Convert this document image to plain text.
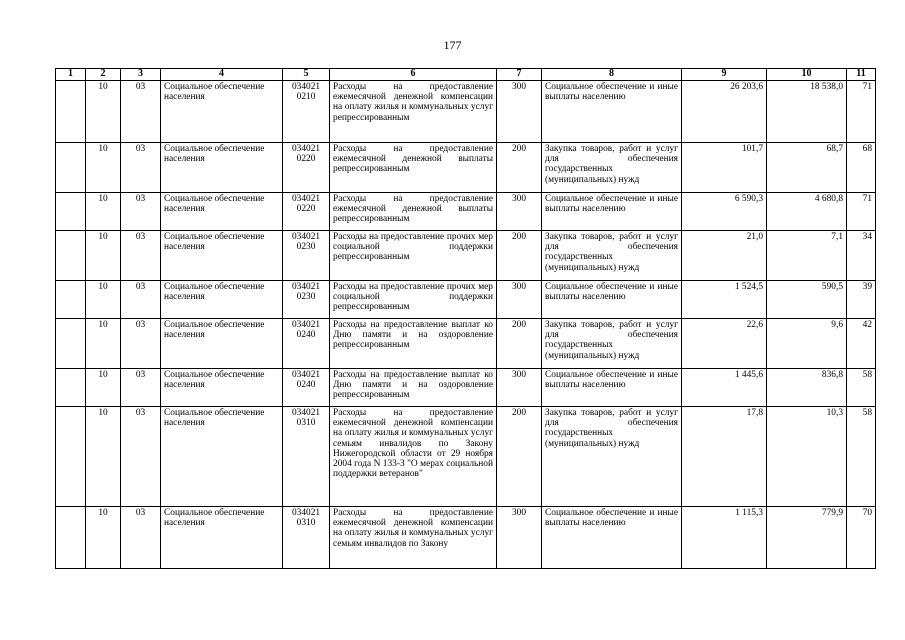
177
1	2	3	4	5	6	7	8	9	10	11
	10	03	Социальное обеспечение населения	034021 0210	Расходы на предоставление ежемесячной денежной компенсации на оплату жилья и коммунальных услуг репрессированным	300	Социальное обеспечение и иные выплаты населению	26 203,6	18 538,0	71
	10	03	Социальное обеспечение населения	034021 0220	Расходы на предоставление ежемесячной денежной выплаты репрессированным	200	Закупка товаров, работ и услуг для обеспечения государственных (муниципальных) нужд	101,7	68,7	68
	10	03	Социальное обеспечение населения	034021 0220	Расходы на предоставление ежемесячной денежной выплаты репрессированным	300	Социальное обеспечение и иные выплаты населению	6 590,3	4 680,8	71
	10	03	Социальное обеспечение населения	034021 0230	Расходы на предоставление прочих мер социальной поддержки репрессированным	200	Закупка товаров, работ и услуг для обеспечения государственных (муниципальных) нужд	21,0	7,1	34
	10	03	Социальное обеспечение населения	034021 0230	Расходы на предоставление прочих мер социальной поддержки репрессированным	300	Социальное обеспечение и иные выплаты населению	1 524,5	590,5	39
	10	03	Социальное обеспечение населения	034021 0240	Расходы на предоставление выплат ко Дню памяти и на оздоровление репрессированным	200	Закупка товаров, работ и услуг для обеспечения государственных (муниципальных) нужд	22,6	9,6	42
	10	03	Социальное обеспечение населения	034021 0240	Расходы на предоставление выплат ко Дню памяти и на оздоровление репрессированным	300	Социальное обеспечение и иные выплаты населению	1 445,6	836,8	58
	10	03	Социальное обеспечение населения	034021 0310	Расходы на предоставление ежемесячной денежной компенсации на оплату жилья и коммунальных услуг семьям инвалидов по Закону Нижегородской области от 29 ноября 2004 года N 133-З "О мерах социальной поддержки ветеранов"	200	Закупка товаров, работ и услуг для обеспечения государственных (муниципальных) нужд	17,8	10,3	58
	10	03	Социальное обеспечение населения	034021 0310	Расходы на предоставление ежемесячной денежной компенсации на оплату жилья и коммунальных услуг семьям инвалидов по Закону	300	Социальное обеспечение и иные выплаты населению	1 115,3	779,9	70
